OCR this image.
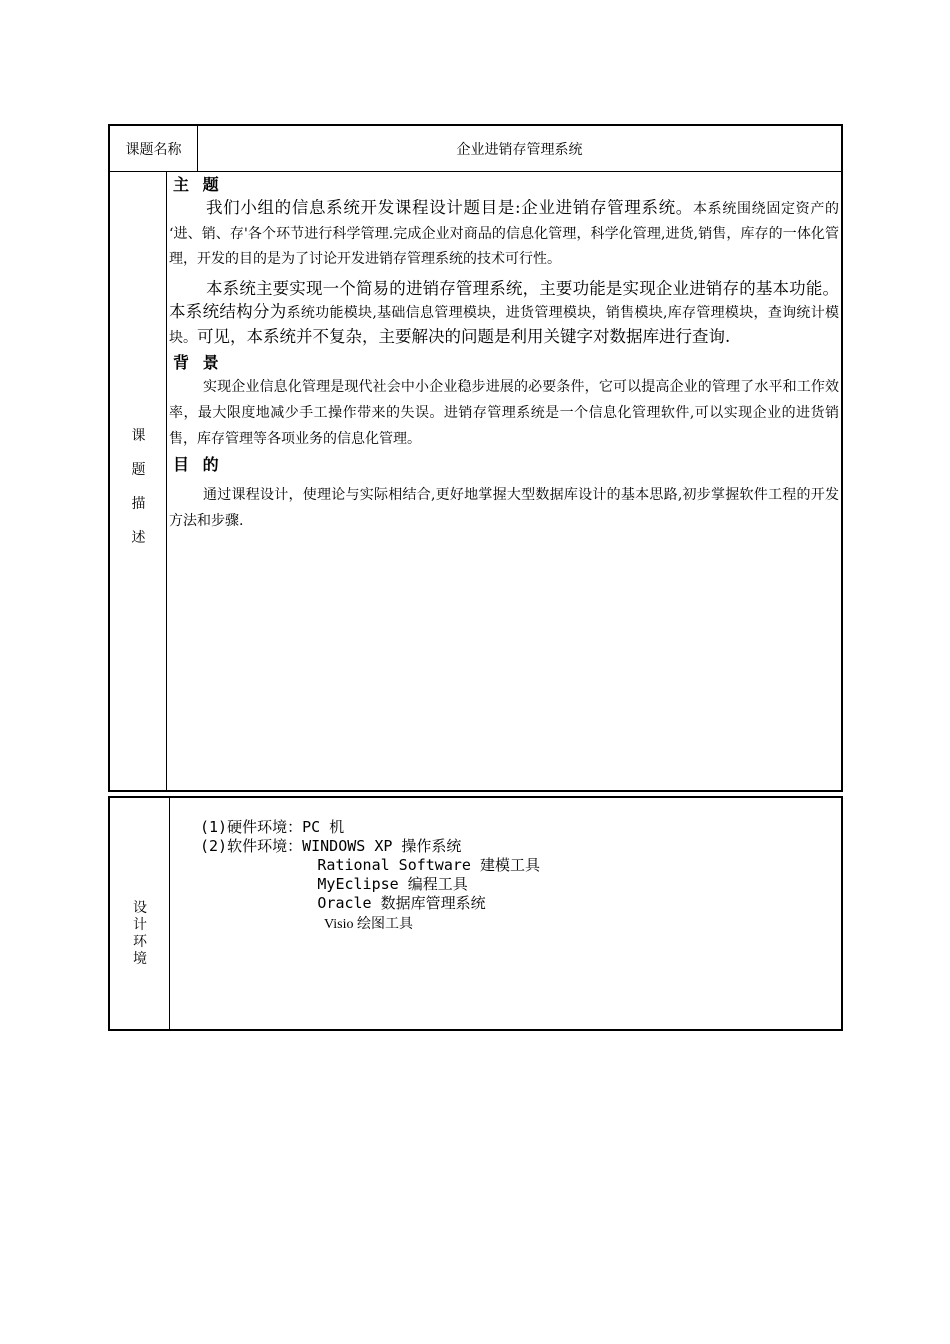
课题名称	企业进销存管理系统
课
题
描
述
主 题

我们小组的信息系统开发课程设计题目是:企业进销存管理系统。本系统围绕固定资产的 ‘进、销、存'各个环节进行科学管理.完成企业对商品的信息化管理，科学化管理,进货,销售，库存的一体化管理，开发的目的是为了讨论开发进销存管理系统的技术可行性。

本系统主要实现一个简易的进销存管理系统，主要功能是实现企业进销存的基本功能。本系统结构分为系统功能模块,基础信息管理模块，进货管理模块，销售模块,库存管理模块，查询统计模块。可见，本系统并不复杂，主要解决的问题是利用关键字对数据库进行查询.

背 景

实现企业信息化管理是现代社会中小企业稳步进展的必要条件，它可以提高企业的管理了水平和工作效率，最大限度地减少手工操作带来的失误。进销存管理系统是一个信息化管理软件,可以实现企业的进货销售，库存管理等各项业务的信息化管理。

目 的

通过课程设计，使理论与实际相结合,更好地掌握大型数据库设计的基本思路,初步掌握软件工程的开发方法和步骤.

设
计
环
境
(1)硬件环境：PC 机
(2)软件环境：WINDOWS XP 操作系统
Rational Software 建模工具
MyEclipse 编程工具
Oracle 数据库管理系统
Visio 绘图工具
